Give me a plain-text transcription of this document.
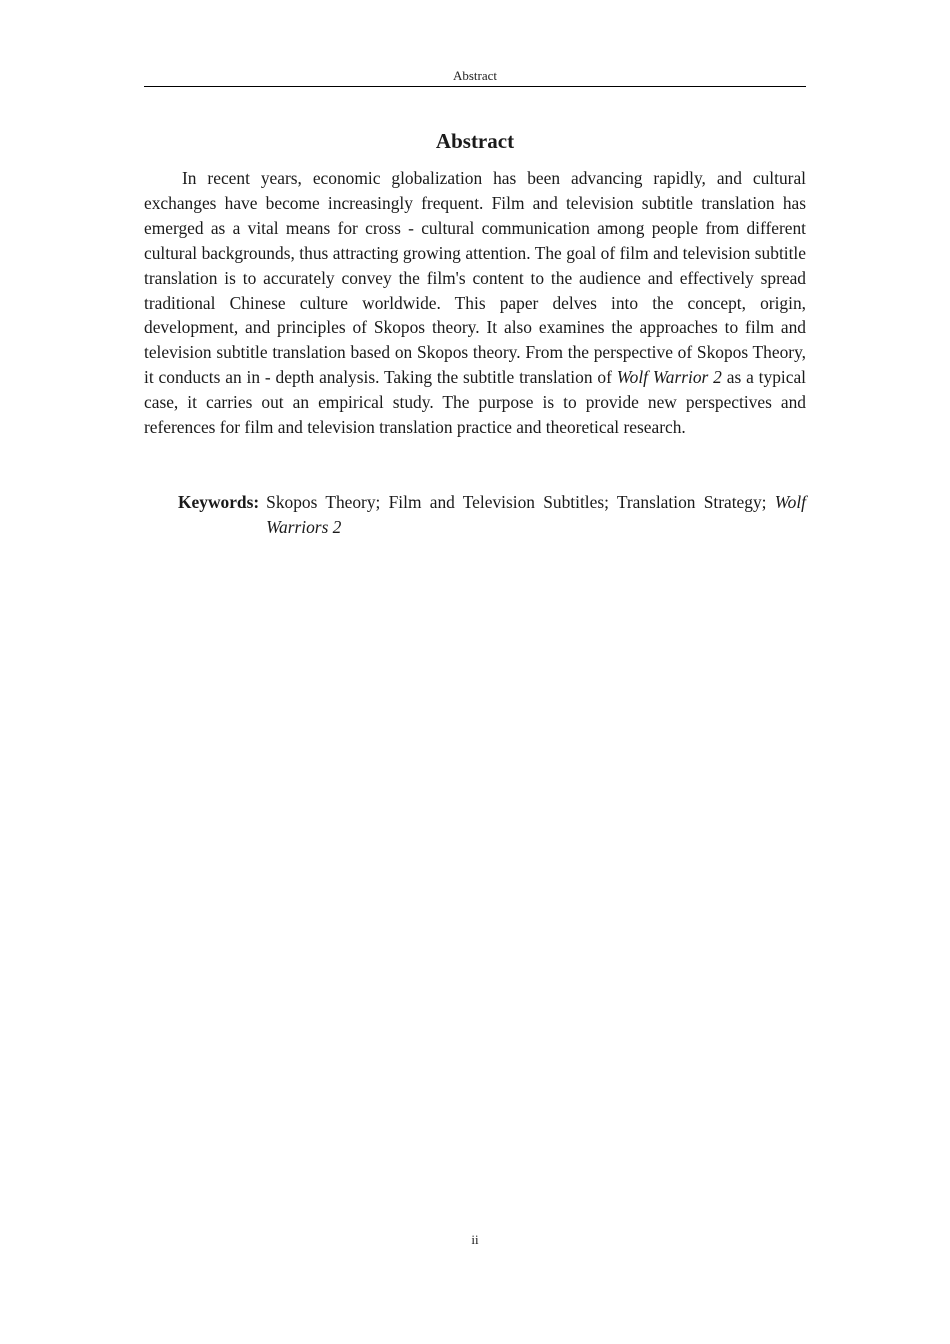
Abstract
Abstract

In recent years, economic globalization has been advancing rapidly, and cultural exchanges have become increasingly frequent. Film and television subtitle translation has emerged as a vital means for cross - cultural communication among people from different cultural backgrounds, thus attracting growing attention. The goal of film and television subtitle translation is to accurately convey the film's content to the audience and effectively spread traditional Chinese culture worldwide. This paper delves into the concept, origin, development, and principles of Skopos theory. It also examines the approaches to film and television subtitle translation based on Skopos theory. From the perspective of Skopos Theory, it conducts an in - depth analysis. Taking the subtitle translation of Wolf Warrior 2 as a typical case, it carries out an empirical study. The purpose is to provide new perspectives and references for film and television translation practice and theoretical research.

Keywords: Skopos Theory; Film and Television Subtitles; Translation Strategy; Wolf Warriors 2
ii
